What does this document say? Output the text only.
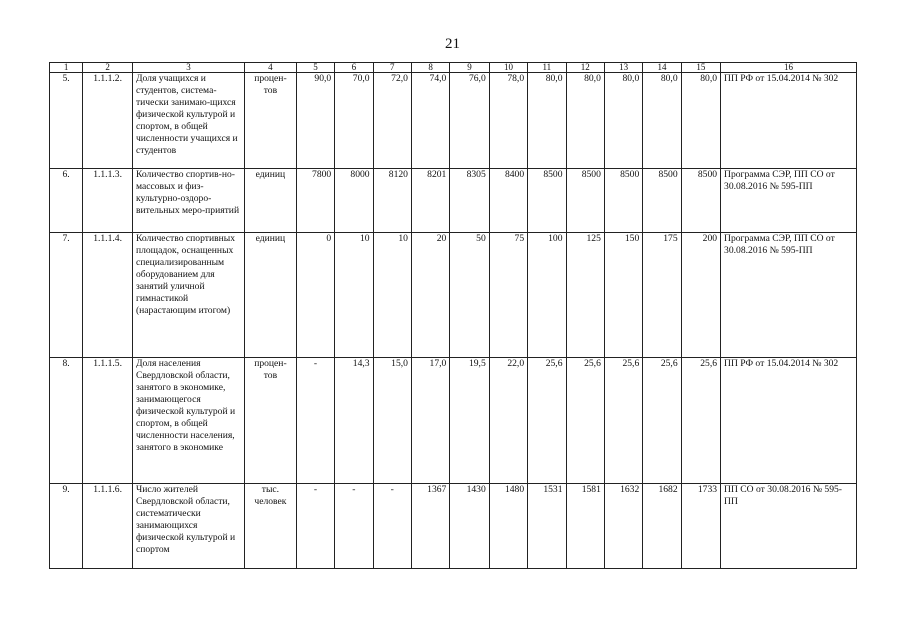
21
1	2	3	4	5	6	7	8	9	10	11	12	13	14	15	16
5.	1.1.1.2.	Доля учащихся и студентов, системa-тически занимаю-щихся физической культурой и спортом, в общей численности учащихся и студентов	процен-тов	90,0	70,0	72,0	74,0	76,0	78,0	80,0	80,0	80,0	80,0	80,0	ПП РФ от 15.04.2014 № 302
6.	1.1.1.3.	Количество спортив-но-массовых и физ-культурно-оздоро-вительных меро-приятий	единиц	7800	8000	8120	8201	8305	8400	8500	8500	8500	8500	8500	Программа СЭР, ПП СО от 30.08.2016 № 595-ПП
7.	1.1.1.4.	Количество спортивных площадок, оснащенных специализированным оборудованием для занятий уличной гимнастикой (нарастающим итогом)	единиц	0	10	10	20	50	75	100	125	150	175	200	Программа СЭР, ПП СО от 30.08.2016 № 595-ПП
8.	1.1.1.5.	Доля населения Свердловской области, занятого в экономике, занимающегося физической культурой и спортом, в общей численности населения, занятого в экономике	процен-тов	-	14,3	15,0	17,0	19,5	22,0	25,6	25,6	25,6	25,6	25,6	ПП РФ от 15.04.2014 № 302
9.	1.1.1.6.	Число жителей Свердловской области, систематически занимающихся физической культурой и спортом	тыс. человек	-	-	-	1367	1430	1480	1531	1581	1632	1682	1733	ПП СО от 30.08.2016 № 595-ПП
